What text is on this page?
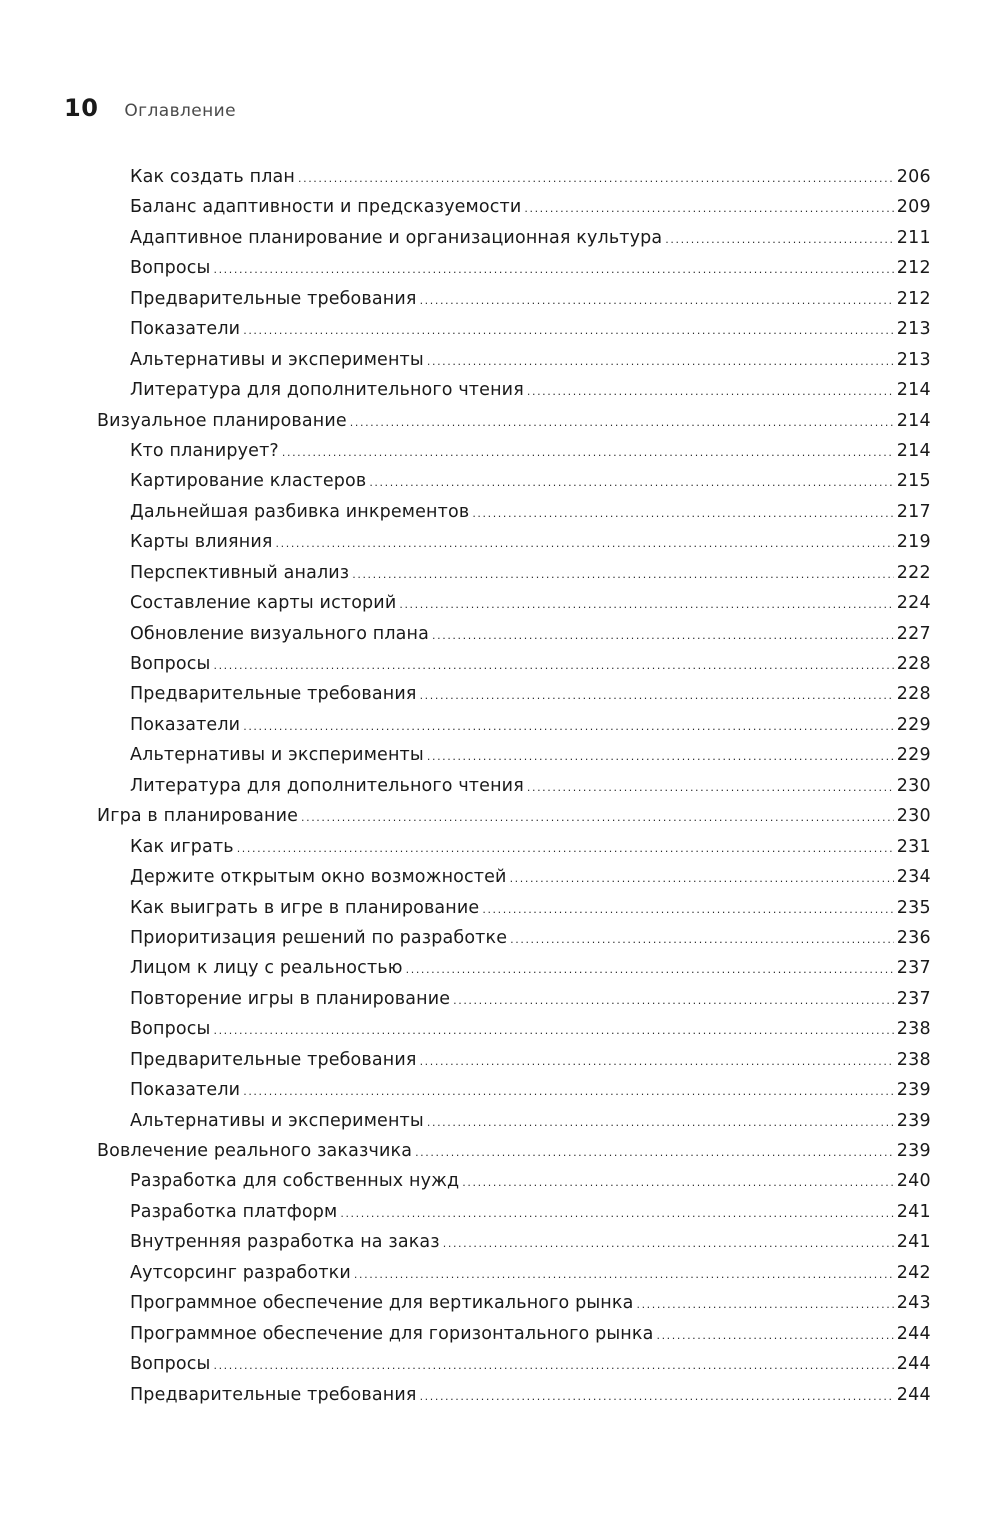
10 Оглавление
Как создать план .....	206
Баланс адаптивности и предсказуемости .....	209
Адаптивное планирование и организационная культура .....	211
Вопросы .....	212
Предварительные требования .....	212
Показатели .....	213
Альтернативы и эксперименты .....	213
Литература для дополнительного чтения .....	214
Визуальное планирование .....	214
Кто планирует? .....	214
Картирование кластеров .....	215
Дальнейшая разбивка инкрементов .....	217
Карты влияния .....	219
Перспективный анализ .....	222
Составление карты историй .....	224
Обновление визуального плана .....	227
Вопросы .....	228
Предварительные требования .....	228
Показатели .....	229
Альтернативы и эксперименты .....	229
Литература для дополнительного чтения .....	230
Игра в планирование .....	230
Как играть .....	231
Держите открытым окно возможностей .....	234
Как выиграть в игре в планирование .....	235
Приоритизация решений по разработке .....	236
Лицом к лицу с реальностью .....	237
Повторение игры в планирование .....	237
Вопросы .....	238
Предварительные требования .....	238
Показатели .....	239
Альтернативы и эксперименты .....	239
Вовлечение реального заказчика .....	239
Разработка для собственных нужд .....	240
Разработка платформ .....	241
Внутренняя разработка на заказ .....	241
Аутсорсинг разработки .....	242
Программное обеспечение для вертикального рынка .....	243
Программное обеспечение для горизонтального рынка .....	244
Вопросы .....	244
Предварительные требования .....	244
